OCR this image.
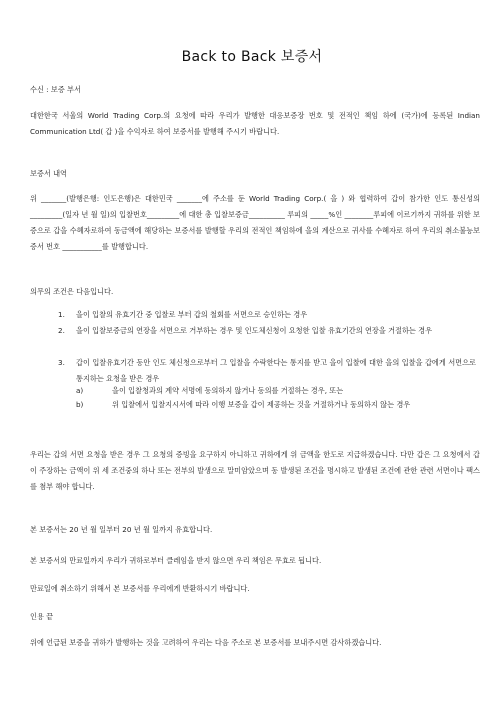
Back to Back 보증서
수신 : 보증 부서
대한한국 서울의 World Trading Corp.의 요청에 따라 우리가 발행한 대응보증장 번호 및 전적인 책임 하에 (국가)에 등록된 Indian Communication Ltd( 갑 )을 수익자로 하여 보증서를 발행해 주시기 바랍니다.
보증서 내역
위 _______(발행은행: 인도은행)은 대한민국 _______에 주소를 둔 World Trading Corp.( 을 ) 와 협력하여 갑이 참가한 인도 통신성의 _________(일자 년 월 일)의 입찰번호_________에 대한 총 입찰보증금__________ 루피의 _____%인 ________루피에 이르기까지 귀하를 위한 보증으로 갑을 수혜자로하여 동금액에 해당하는 보증서를 발행할 우리의 전적인 책임하에 을의 계산으로 귀사를 수혜자로 하여 우리의 취소불능보증서 번호 ___________를 발행합니다.
의무의 조건은 다음입니다.
1. 을이 입찰의 유효기간 중 입찰로 부터 갑의 철회를 서면으로 승인하는 경우
2. 을이 입찰보증금의 연장을 서면으로 거부하는 경우 및 인도체신청이 요청한 입찰 유효기간의 연장을 거절하는 경우
3. 갑이 입찰유효기간 동안 인도 체신청으로부터 그 입찰을 수락한다는 통지를 받고 을이 입찰에 대한 을의 입찰을 갑에게 서면으로 통지하는 요청을 받은 경우
a)	을이 입찰청과의 계약 서명에 동의하지 않거나 동의를 거절하는 경우, 또는
b)	위 입찰에서 입찰지시서에 따라 이행 보증을 갑이 제공하는 것을 거절하거나 동의하지 않는 경우
우리는 갑의 서면 요청을 받은 경우 그 요청의 증빙을 요구하지 아니하고 귀하에게 위 금액을 한도로 지급하겠습니다. 다만 갑은 그 요청에서 갑이 주장하는 금액이 위 세 조건중의 하나 또는 전부의 발생으로 말미암았으며 동 발생된 조건을 명시하고 발생된 조건에 관한 관련 서면이나 팩스를 첨부 해야 합니다.
본 보증서는 20 년 월 일부터 20 년 월 일까지 유효합니다.
본 보증서의 만료일까지 우리가 귀하로부터 클레임을 받지 않으면 우리 책임은 무효로 됩니다.
만료일에 취소하기 위해서 본 보증서를 우리에게 반환하시기 바랍니다.
인용 끝
위에 언급된 보증을 귀하가 발행하는 것을 고려하여 우리는 다음 주소로 본 보증서를 보내주시면 감사하겠습니다.
